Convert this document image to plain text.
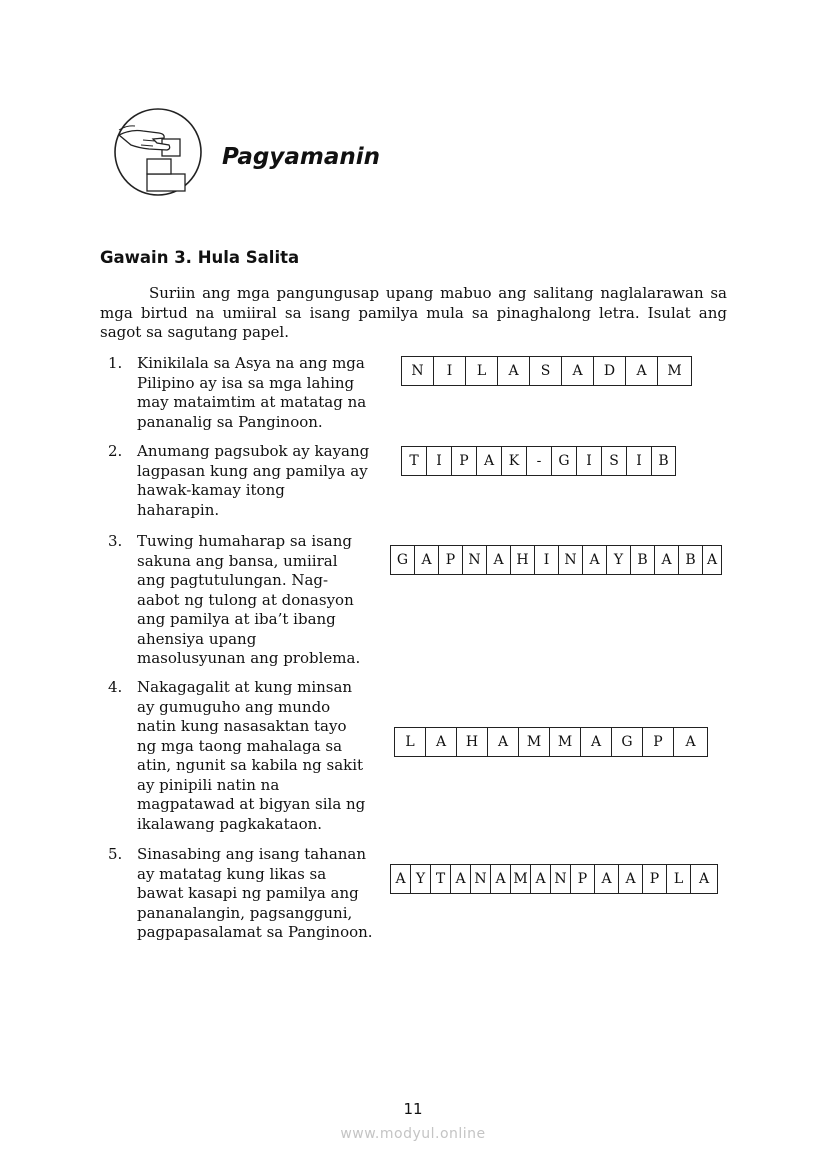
Pagyamanin
Gawain 3. Hula Salita

Suriin ang mga pangungusap upang mabuo ang salitang naglalarawan sa mga birtud na umiiral sa isang pamilya mula sa pinaghalong letra. Isulat ang sagot sa sagutang papel.

1. Kinikilala sa Asya na ang mga
Pilipino ay isa sa mga lahing
may mataimtim at matatag na
pananalig sa Panginoon.
N	I	L	A	S	A	D	A	M
2. Anumang pagsubok ay kayang
lagpasan kung ang pamilya ay
hawak-kamay itong
haharapin.
T	I	P	A	K	-	G	I	S	I	B
3. Tuwing humaharap sa isang
sakuna ang bansa, umiiral
ang pagtutulungan. Nag-
aabot ng tulong at donasyon
ang pamilya at iba’t ibang
ahensiya upang
masolusyunan ang problema.
G A	P N A H	I	N A	Y	B A B A
4. Nakagagalit at kung minsan
ay gumuguho ang mundo
natin kung nasasaktan tayo
ng mga taong mahalaga sa
atin, ngunit sa kabila ng sakit
ay pinipili natin na
magpatawad at bigyan sila ng
ikalawang pagkakataon.
L	A	H	A	M	M	A	G	P	A
5. Sinasabing ang isang tahanan
ay matatag kung likas sa
bawat kasapi ng pamilya ang
pananalangin, pagsangguni,
pagpapasalamat sa Panginoon.
A Y T A N A M A N P	A A	P	L	A
11
www.modyul.online
